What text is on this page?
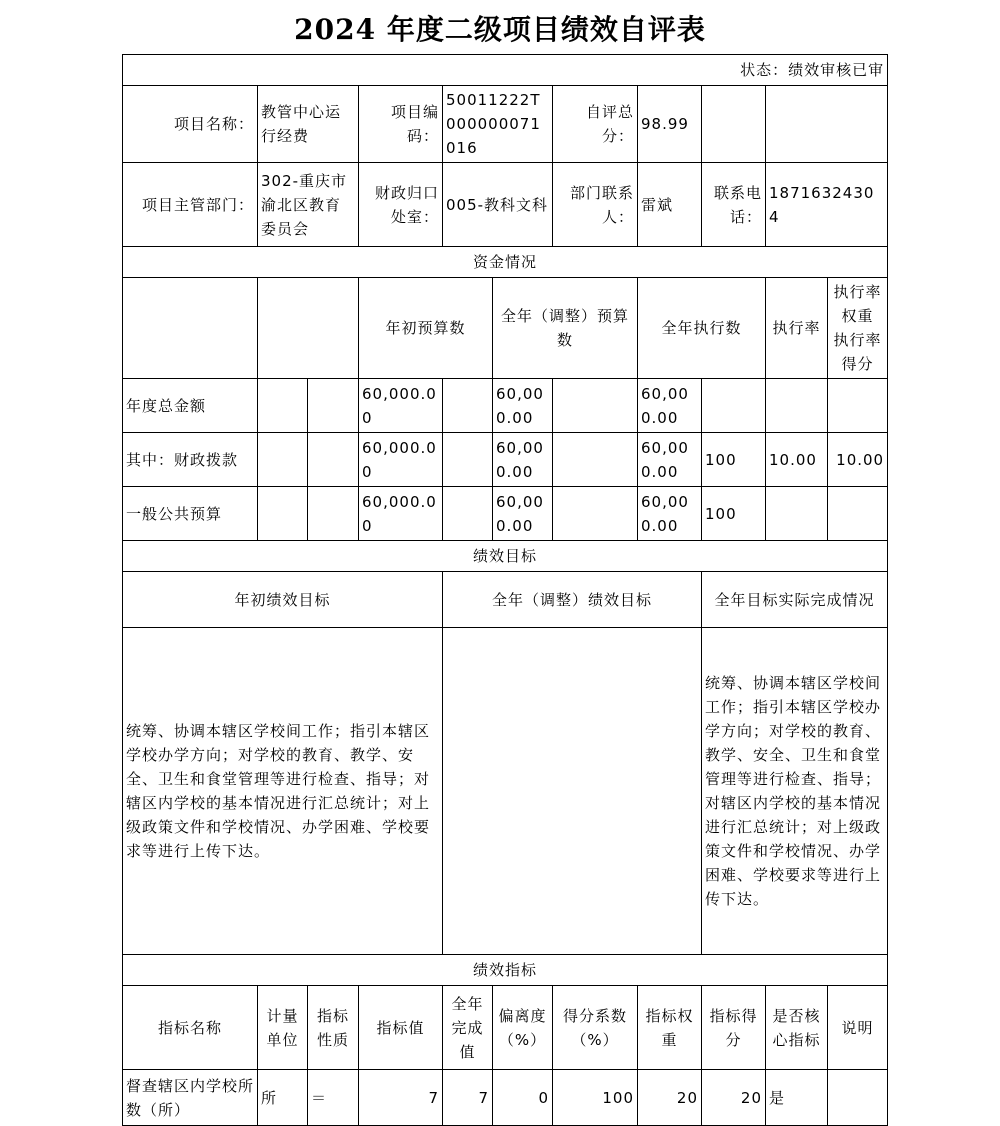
2024 年度二级项目绩效自评表
状态：绩效审核已审										
项目名称：	教管中心运行经费		项目编码：	50011222T000000071016		自评总分：	98.99			
项目主管部门：	302-重庆市渝北区教育委员会		财政归口处室：	005-教科文科		部门联系人：	雷斌	联系电话：	18716324304	
资金情况										
			年初预算数		全年（调整）预算数		全年执行数		执行率	执行率权重 执行率得分
年度总金额			60,000.00		60,000.00		60,000.00			
其中：财政拨款			60,000.00		60,000.00		60,000.00	100	10.00	10.00
一般公共预算			60,000.00		60,000.00		60,000.00	100		
绩效目标										
年初绩效目标				全年（调整）绩效目标				全年目标实际完成情况		
统筹、协调本辖区学校间工作；指引本辖区学校办学方向；对学校的教育、教学、安全、卫生和食堂管理等进行检查、指导；对辖区内学校的基本情况进行汇总统计；对上级政策文件和学校情况、办学困难、学校要求等进行上传下达。								统筹、协调本辖区学校间工作；指引本辖区学校办学方向；对学校的教育、教学、安全、卫生和食堂管理等进行检查、指导；对辖区内学校的基本情况进行汇总统计；对上级政策文件和学校情况、办学困难、学校要求等进行上传下达。		
绩效指标										
指标名称	计量单位	指标性质	指标值	全年完成值	偏离度（%）	得分系数（%）	指标权重	指标得分	是否核心指标	说明
督查辖区内学校所数（所）	所	＝	7	7	0	100	20	20	是	
